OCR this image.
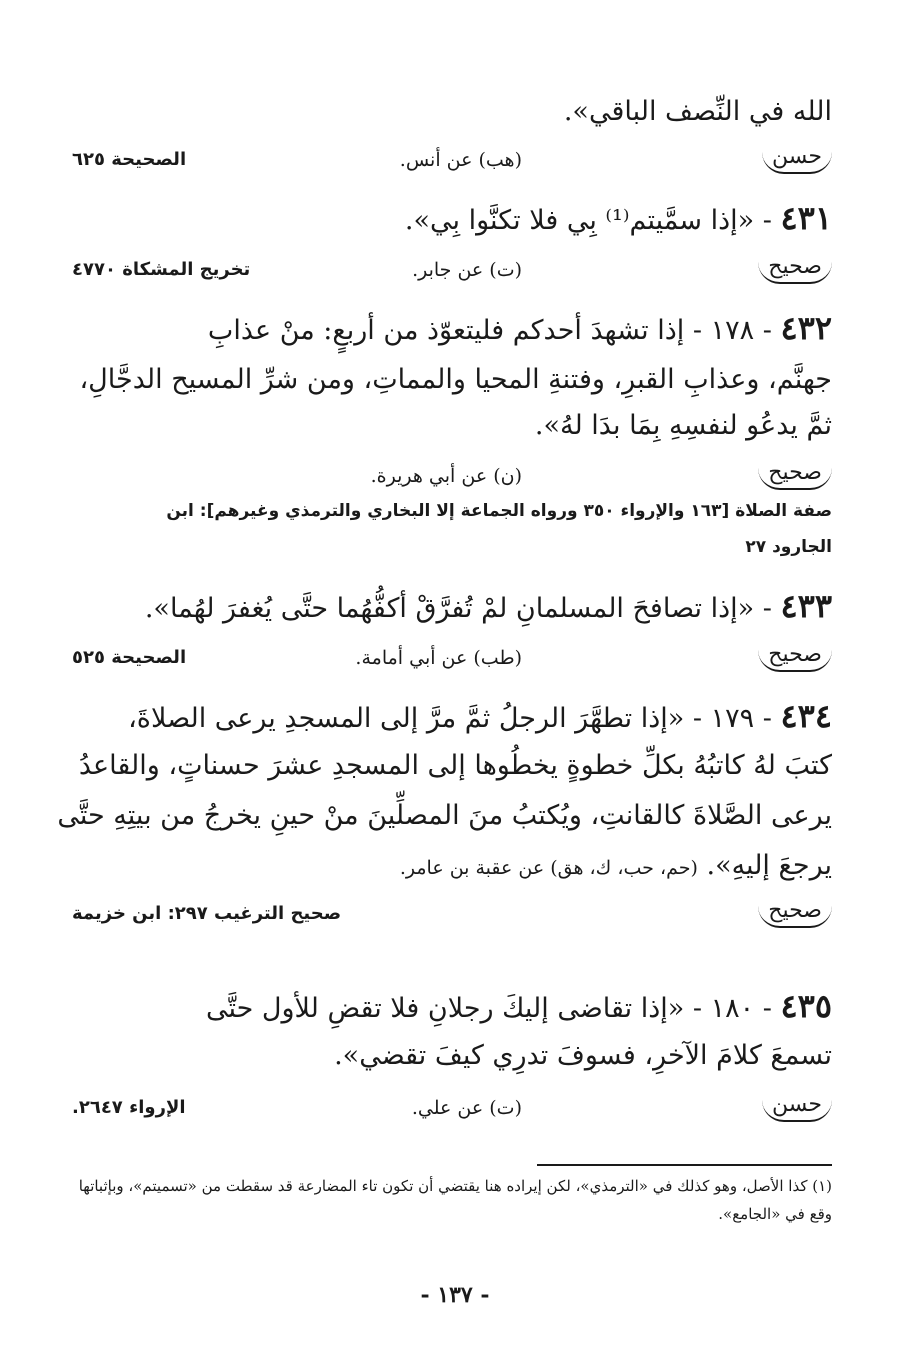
الله في النِّصف الباقي».
حسن
(هب) عن أنس.
الصحيحة ٦٢٥
٤٣١ - «إذا سمَّيتم⁽¹⁾ بِي فلا تكنَّوا بِي».
صحيح
(ت) عن جابر.
تخريج المشكاة ٤٧٧٠
٤٣٢ - ١٧٨ - إذا تشهدَ أحدكم فليتعوّذ من أربعٍ: منْ عذابِ
جهنَّم، وعذابِ القبرِ، وفتنةِ المحيا والمماتِ، ومن شرِّ المسيح الدجَّالِ،
ثمَّ يدعُو لنفسِهِ بِمَا بدَا لهُ».
صحيح
(ن) عن أبي هريرة.
صفة الصلاة [١٦٣ والإرواء ٣٥٠ ورواه الجماعة إلا البخاري والترمذي وغيرهم]: ابن
الجارود ٢٧
٤٣٣ - «إذا تصافحَ المسلمانِ لمْ تُفرَّقْ أكفُّهُما حتَّى يُغفرَ لهُما».
صحيح
(طب) عن أبي أمامة.
الصحيحة ٥٢٥
٤٣٤ - ١٧٩ - «إذا تطهَّرَ الرجلُ ثمَّ مرَّ إلى المسجدِ يرعى الصلاةَ،
كتبَ لهُ كاتبُهُ بكلِّ خطوةٍ يخطُوها إلى المسجدِ عشرَ حسناتٍ، والقاعدُ
يرعى الصَّلاةَ كالقانتِ، ويُكتبُ منَ المصلِّينَ منْ حينِ يخرجُ من بيتِهِ حتَّى
يرجعَ إليهِ». (حم، حب، ك، هق) عن عقبة بن عامر.
صحيح
صحيح الترغيب ٢٩٧: ابن خزيمة
٤٣٥ - ١٨٠ - «إذا تقاضى إليكَ رجلانِ فلا تقضِ للأول حتَّى
تسمعَ كلامَ الآخرِ، فسوفَ تدرِي كيفَ تقضي».
حسن
(ت) عن علي.
الإرواء ٢٦٤٧.
(١) كذا الأصل، وهو كذلك في «الترمذي»، لكن إيراده هنا يقتضي أن تكون تاء المضارعة قد سقطت من «تسميتم»، وبإثباتها وقع في «الجامع».
- ١٣٧ -
